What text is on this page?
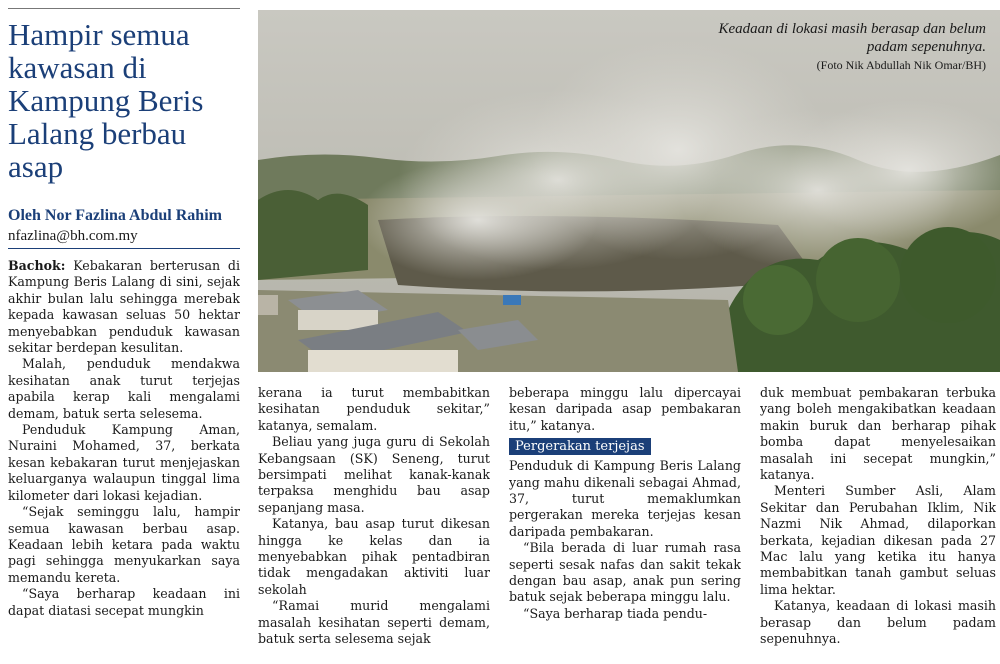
Hampir semua kawasan di Kampung Beris Lalang berbau asap
Oleh Nor Fazlina Abdul Rahim
nfazlina@bh.com.my
Keadaan di lokasi masih berasap dan belum padam sepenuhnya.
(Foto Nik Abdullah Nik Omar/BH)

Bachok: Kebakaran berterusan di Kampung Beris Lalang di sini, sejak akhir bulan lalu sehingga merebak kepada kawasan seluas 50 hektar menyebabkan penduduk kawasan sekitar berdepan kesulitan.

Malah, penduduk mendakwa kesihatan anak turut terjejas apabila kerap kali mengalami demam, batuk serta selesema.

Penduduk Kampung Aman, Nuraini Mohamed, 37, berkata kesan kebakaran turut menjejaskan keluarganya walaupun tinggal lima kilometer dari lokasi kejadian.

“Sejak seminggu lalu, hampir semua kawasan berbau asap. Keadaan lebih ketara pada waktu pagi sehingga menyukarkan saya memandu kereta.

“Saya berharap keadaan ini dapat diatasi secepat mungkin

kerana ia turut membabitkan kesihatan penduduk sekitar,” katanya, semalam.

Beliau yang juga guru di Sekolah Kebangsaan (SK) Seneng, turut bersimpati melihat kanak-kanak terpaksa menghidu bau asap sepanjang masa.

Katanya, bau asap turut dikesan hingga ke kelas dan ia menyebabkan pihak pentadbiran tidak mengadakan aktiviti luar sekolah

“Ramai murid mengalami masalah kesihatan seperti demam, batuk serta selesema sejak

beberapa minggu lalu dipercayai kesan daripada asap pembakaran itu,” katanya.

Pergerakan terjejas

Penduduk di Kampung Beris Lalang yang mahu dikenali sebagai Ahmad, 37, turut memaklumkan pergerakan mereka terjejas kesan daripada pembakaran.

“Bila berada di luar rumah rasa seperti sesak nafas dan sakit tekak dengan bau asap, anak pun sering batuk sejak beberapa minggu lalu.

“Saya berharap tiada pendu-

duk membuat pembakaran terbuka yang boleh mengakibatkan keadaan makin buruk dan berharap pihak bomba dapat menyelesaikan masalah ini secepat mungkin,” katanya.

Menteri Sumber Asli, Alam Sekitar dan Perubahan Iklim, Nik Nazmi Nik Ahmad, dilaporkan berkata, kejadian dikesan pada 27 Mac lalu yang ketika itu hanya membabitkan tanah gambut seluas lima hektar.

Katanya, keadaan di lokasi masih berasap dan belum padam sepenuhnya.
